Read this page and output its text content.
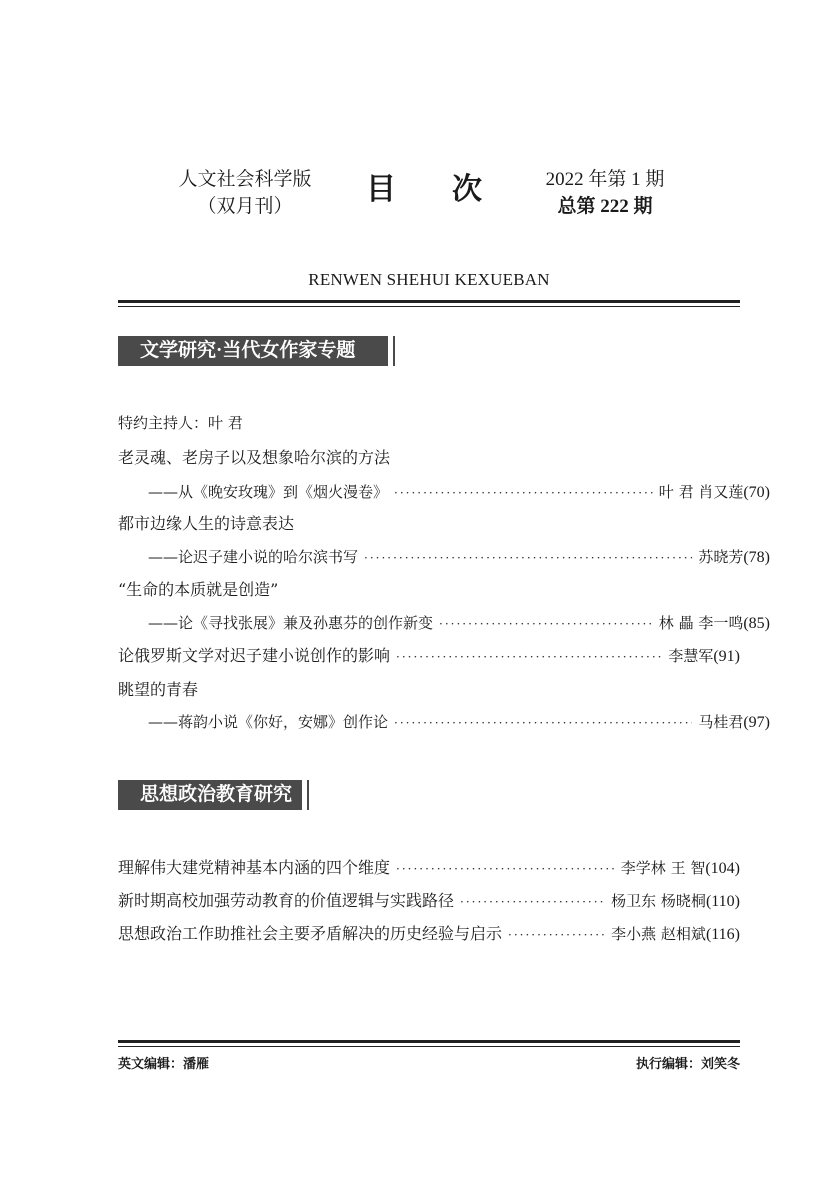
人文社会科学版
（双月刊）	目 次	2022 年第 1 期
总第 222 期
RENWEN SHEHUI KEXUEBAN
文学研究·当代女作家专题
特约主持人：叶 君
老灵魂、老房子以及想象哈尔滨的方法
——从《晚安玫瑰》到《烟火漫卷》 ·····	叶 君 肖又莲 (70)
都市边缘人生的诗意表达
——论迟子建小说的哈尔滨书写 ·····	苏晓芳 (78)
“生命的本质就是创造”
——论《寻找张展》兼及孙惠芬的创作新变 ·····	林 畾 李一鸣 (85)
论俄罗斯文学对迟子建小说创作的影响 ·····	李慧军 (91)
眺望的青春
——蒋韵小说《你好，安娜》创作论 ·····	马桂君 (97)
思想政治教育研究
理解伟大建党精神基本内涵的四个维度 ·····	李学林 王 智 (104)
新时期高校加强劳动教育的价值逻辑与实践路径 ·····	杨卫东 杨晓桐 (110)
思想政治工作助推社会主要矛盾解决的历史经验与启示 ·····	李小燕 赵相斌 (116)
英文编辑：潘雁	执行编辑：刘笑冬
